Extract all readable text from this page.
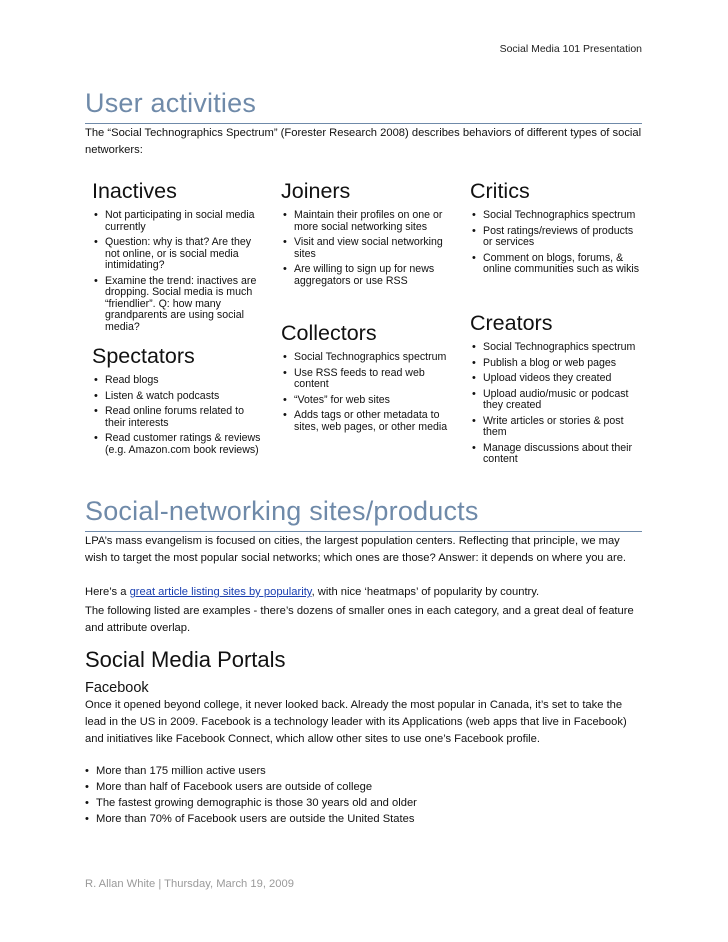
Social Media 101 Presentation
User activities
The “Social Technographics Spectrum” (Forester Research 2008) describes behaviors of different types of social networkers:
Inactives
• Not participating in social media currently
• Question: why is that? Are they not online, or is social media intimidating?
• Examine the trend: inactives are dropping. Social media is much “friendlier”. Q: how many grandparents are using social media?
Spectators
• Read blogs
• Listen & watch podcasts
• Read online forums related to their interests
• Read customer ratings & reviews (e.g. Amazon.com book reviews)
Joiners
• Maintain their profiles on one or more social networking sites
• Visit and view social networking sites
• Are willing to sign up for news aggregators or use RSS
Collectors
• Social Technographics spectrum
• Use RSS feeds to read web content
• “Votes” for web sites
• Adds tags or other metadata to sites, web pages, or other media
Critics
• Social Technographics spectrum
• Post ratings/reviews of products or services
• Comment on blogs, forums, & online communities such as wikis
Creators
• Social Technographics spectrum
• Publish a blog or web pages
• Upload videos they created
• Upload audio/music or podcast they created
• Write articles or stories & post them
• Manage discussions about their content
Social-networking sites/products
LPA’s mass evangelism is focused on cities, the largest population centers. Reflecting that principle, we may wish to target the most popular social networks; which ones are those? Answer: it depends on where you are.
Here’s a great article listing sites by popularity, with nice ‘heatmaps’ of popularity by country.
The following listed are examples - there’s dozens of smaller ones in each category, and a great deal of feature and attribute overlap.
Social Media Portals
Facebook
Once it opened beyond college, it never looked back. Already the most popular in Canada, it’s set to take the lead in the US in 2009. Facebook is a technology leader with its Applications (web apps that live in Facebook) and initiatives like Facebook Connect, which allow other sites to use one’s Facebook profile.
• More than 175 million active users
• More than half of Facebook users are outside of college
• The fastest growing demographic is those 30 years old and older
• More than 70% of Facebook users are outside the United States
R. Allan White | Thursday, March 19, 2009
